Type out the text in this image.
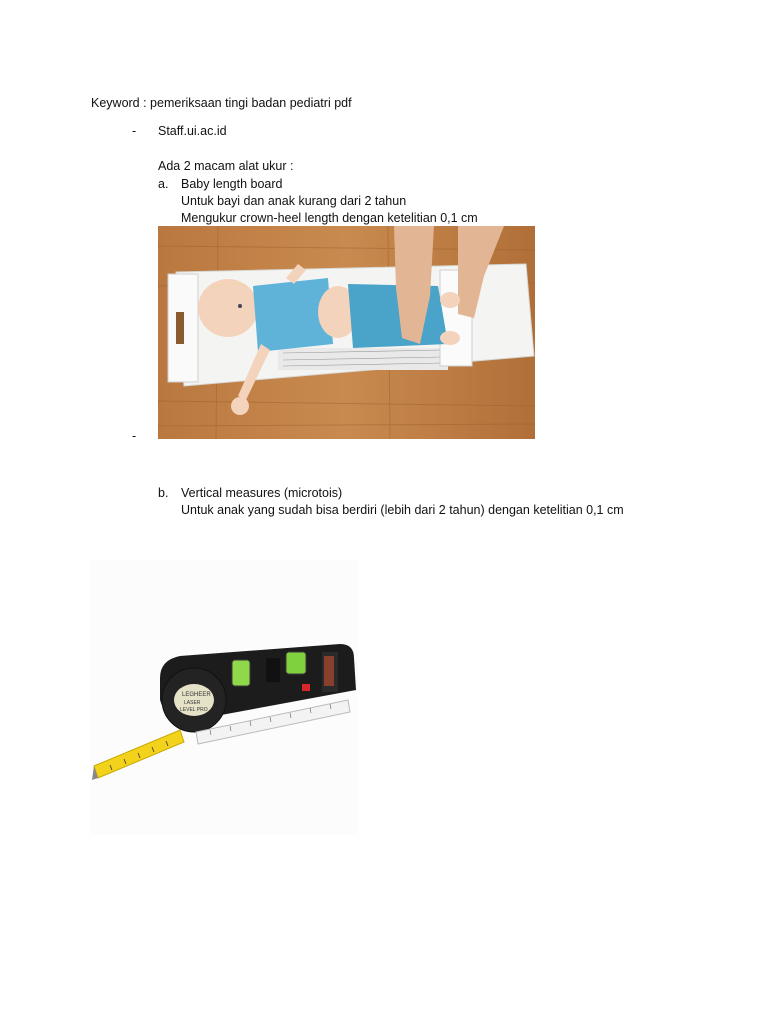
Keyword : pemeriksaan tingi badan pediatri pdf
- Staff.ui.ac.id
Ada 2 macam alat ukur :
a. Baby length board
Untuk bayi dan anak kurang dari 2 tahun
Mengukur crown-heel length dengan ketelitian 0,1 cm
-
b. Vertical measures (microtois)
Untuk anak yang sudah bisa berdiri (lebih dari 2 tahun) dengan ketelitian 0,1 cm
LEGHEER
LASER
LEVEL PRO
